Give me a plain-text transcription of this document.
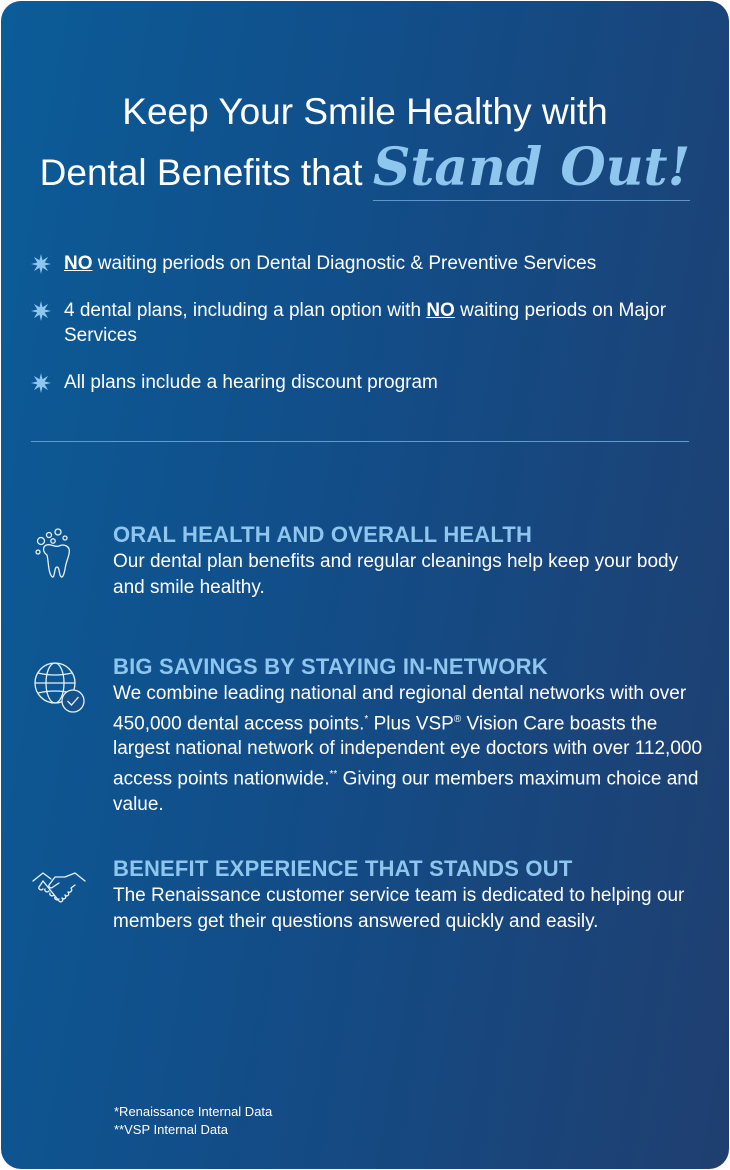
Keep Your Smile Healthy with
Dental Benefits that Stand Out!
NO waiting periods on Dental Diagnostic & Preventive Services
4 dental plans, including a plan option with NO waiting periods on Major Services
All plans include a hearing discount program
ORAL HEALTH AND OVERALL HEALTH

Our dental plan benefits and regular cleanings help keep your body and smile healthy.

BIG SAVINGS BY STAYING IN-NETWORK

We combine leading national and regional dental networks with over 450,000 dental access points.* Plus VSP® Vision Care boasts the largest national network of independent eye doctors with over 112,000 access points nationwide.** Giving our members maximum choice and value.

BENEFIT EXPERIENCE THAT STANDS OUT

The Renaissance customer service team is dedicated to helping our members get their questions answered quickly and easily.

*Renaissance Internal Data
**VSP Internal Data
